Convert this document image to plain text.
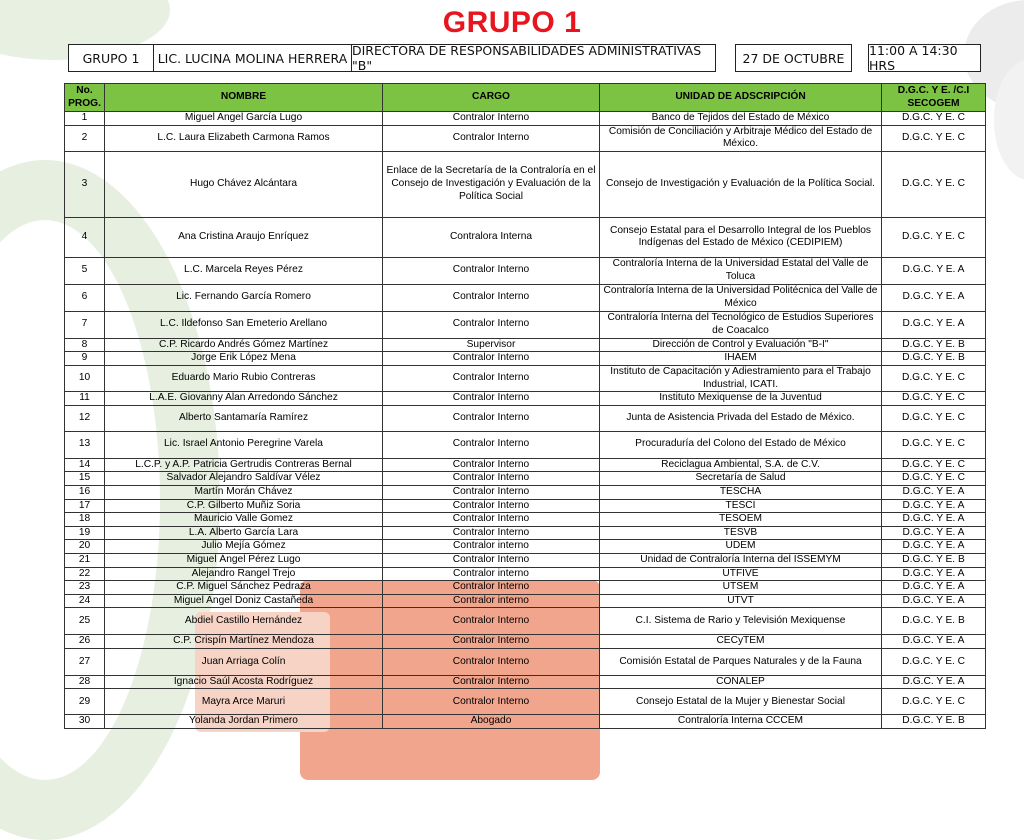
GRUPO 1
GRUPO 1	LIC. LUCINA MOLINA HERRERA DIRECTORA DE RESPONSABILIDADES ADMINISTRATIVAS "B"	27 DE OCTUBRE	11:00 A 14:30 HRS
No. PROG.	NOMBRE	CARGO	UNIDAD DE ADSCRIPCIÓN	D.G.C. Y E. /C.I SECOGEM
1	Miguel Angel García Lugo	Contralor Interno	Banco de Tejidos del Estado de México	D.G.C. Y E. C
2	L.C. Laura Elizabeth Carmona Ramos	Contralor Interno	Comisión de Conciliación y Arbitraje Médico del Estado de México.	D.G.C. Y E. C
3	Hugo Chávez Alcántara	Enlace de la Secretaría de la Contraloría en el Consejo de Investigación y Evaluación de la Política Social	Consejo de Investigación y Evaluación de la Política Social.	D.G.C. Y E. C
4	Ana Cristina Araujo Enríquez	Contralora Interna	Consejo Estatal para el Desarrollo Integral de los Pueblos Indígenas del Estado de México (CEDIPIEM)	D.G.C. Y E. C
5	L.C. Marcela Reyes Pérez	Contralor Interno	Contraloría Interna de la Universidad Estatal del Valle de Toluca	D.G.C. Y E. A
6	Lic. Fernando García Romero	Contralor Interno	Contraloría Interna de la Universidad Politécnica del Valle de México	D.G.C. Y E. A
7	L.C. Ildefonso San Emeterio Arellano	Contralor Interno	Contraloría Interna del Tecnológico de Estudios Superiores de Coacalco	D.G.C. Y E. A
8	C.P. Ricardo Andrés Gómez Martínez	Supervisor	Dirección de Control y Evaluación "B-I"	D.G.C. Y E. B
9	Jorge Erik López Mena	Contralor Interno	IHAEM	D.G.C. Y E. B
10	Eduardo Mario Rubio Contreras	Contralor Interno	Instituto de Capacitación y Adiestramiento para el Trabajo Industrial, ICATI.	D.G.C. Y E. C
11	L.A.E. Giovanny Alan Arredondo Sánchez	Contralor Interno	Instituto Mexiquense de la Juventud	D.G.C. Y E. C
12	Alberto Santamaría Ramírez	Contralor Interno	Junta de Asistencia Privada del Estado de México.	D.G.C. Y E. C
13	Lic. Israel Antonio Peregrine Varela	Contralor Interno	Procuraduría del Colono del Estado de México	D.G.C. Y E. C
14	L.C.P. y A.P. Patricia Gertrudis Contreras Bernal	Contralor Interno	Reciclagua Ambiental, S.A. de C.V.	D.G.C. Y E. C
15	Salvador Alejandro Saldívar Vélez	Contralor Interno	Secretaría de Salud	D.G.C. Y E. C
16	Martín Morán Chávez	Contralor Interno	TESCHA	D.G.C. Y E. A
17	C.P. Gilberto Muñiz Soria	Contralor Interno	TESCI	D.G.C. Y E. A
18	Mauricio Valle Gomez	Contralor Interno	TESOEM	D.G.C. Y E. A
19	L.A. Alberto García Lara	Contralor Interno	TESVB	D.G.C. Y E. A
20	Julio Mejía Gómez	Contralor interno	UDEM	D.G.C. Y E. A
21	Miguel Ángel Pérez Lugo	Contralor Interno	Unidad de Contraloría Interna del ISSEMYM	D.G.C. Y E. B
22	Alejandro Rangel Trejo	Contralor interno	UTFIVE	D.G.C. Y E. A
23	C.P. Miguel Sánchez Pedraza	Contralor Interno	UTSEM	D.G.C. Y E. A
24	Miguel Angel Doniz Castañeda	Contralor interno	UTVT	D.G.C. Y E. A
25	Abdiel Castillo Hernández	Contralor Interno	C.I. Sistema de Rario y Televisión Mexiquense	D.G.C. Y E. B
26	C.P. Crispín Martínez Mendoza	Contralor Interno	CECyTEM	D.G.C. Y E. A
27	Juan Arriaga Colín	Contralor Interno	Comisión Estatal de Parques Naturales y de la Fauna	D.G.C. Y E. C
28	Ignacio Saúl Acosta Rodríguez	Contralor Interno	CONALEP	D.G.C. Y E. A
29	Mayra Arce Maruri	Contralor Interno	Consejo Estatal de la Mujer y Bienestar Social	D.G.C. Y E. C
30	Yolanda Jordan Primero	Abogado	Contraloría Interna CCCEM	D.G.C. Y E. B
